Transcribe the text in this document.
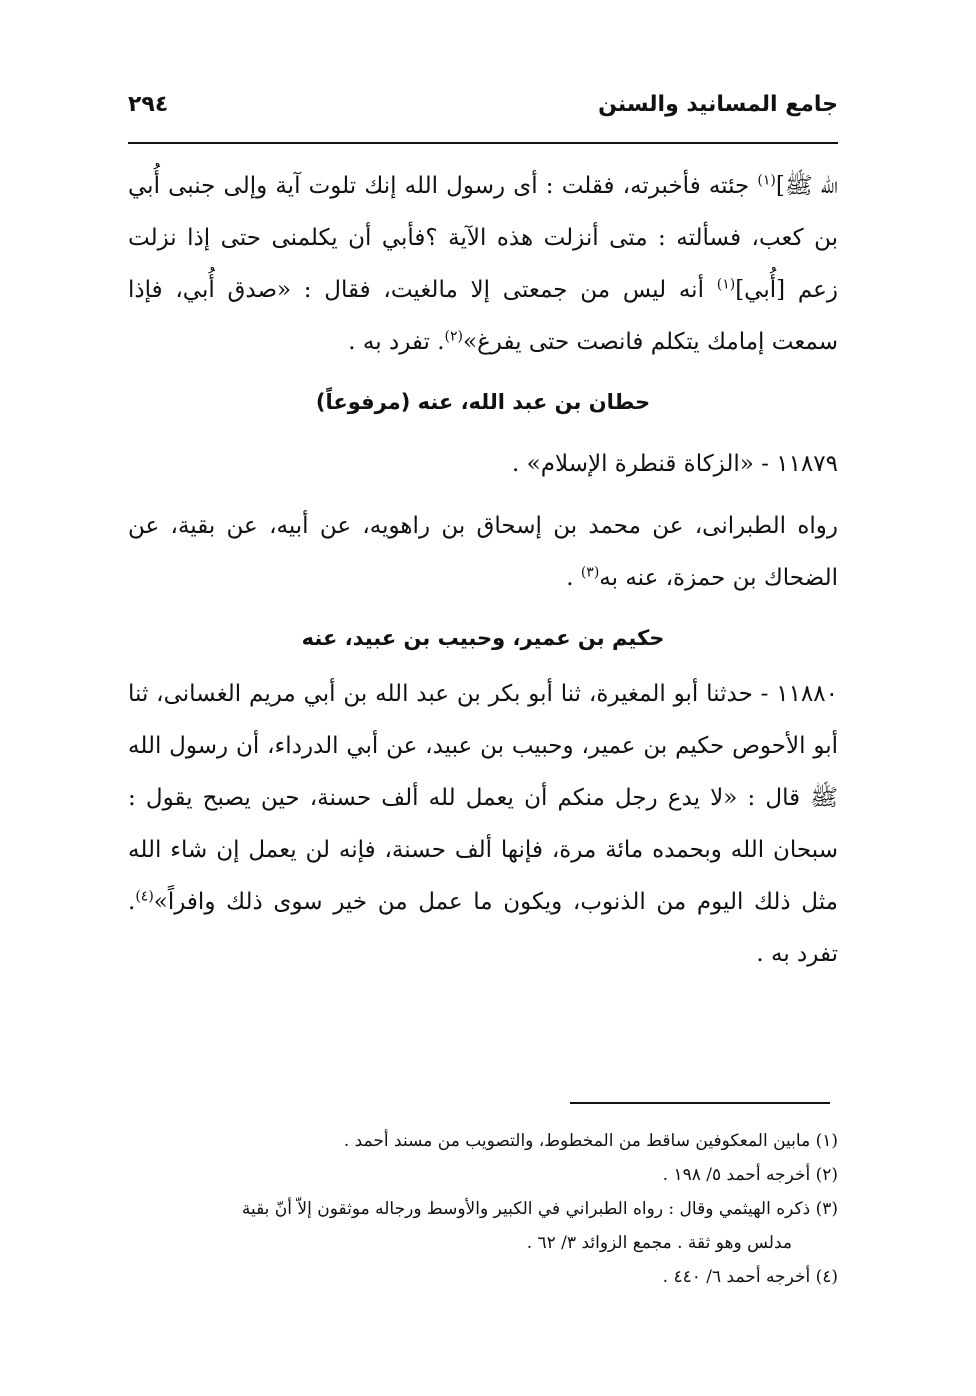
جامع المسانيد والسنن
٢٩٤

الله ﷺ]$^{(١)}$ جئته فأخبرته، فقلت : أى رسول الله إنك تلوت آية وإلى جنبى أُبي بن كعب، فسألته : متى أنزلت هذه الآية ؟فأبي أن يكلمنى حتى إذا نزلت زعم [أُبي]$^{(١)}$ أنه ليس من جمعتى إلا مالغيت، فقال : «صدق أُبي، فإذا سمعت إمامك يتكلم فانصت حتى يفرغ»$^{(٢)}$. تفرد به .

حطان بن عبد الله، عنه (مرفوعاً)

١١٨٧٩ - «الزكاة قنطرة الإسلام» .

رواه الطبرانى، عن محمد بن إسحاق بن راهويه، عن أبيه، عن بقية، عن الضحاك بن حمزة، عنه به$^{(٣)}$ .

حكيم بن عمير، وحبيب بن عبيد، عنه

١١٨٨٠ - حدثنا أبو المغيرة، ثنا أبو بكر بن عبد الله بن أبي مريم الغسانى، ثنا أبو الأحوص حكيم بن عمير، وحبيب بن عبيد، عن أبي الدرداء، أن رسول الله ﷺ قال : «لا يدع رجل منكم أن يعمل لله ألف حسنة، حين يصبح يقول : سبحان الله وبحمده مائة مرة، فإنها ألف حسنة، فإنه لن يعمل إن شاء الله مثل ذلك اليوم من الذنوب، ويكون ما عمل من خير سوى ذلك وافراً»$^{(٤)}$. تفرد به .

(١) مابين المعكوفين ساقط من المخطوط، والتصويب من مسند أحمد .

(٢) أخرجه أحمد ٥/ ١٩٨ .

(٣) ذكره الهيثمي وقال : رواه الطبراني في الكبير والأوسط ورجاله موثقون إلاّ أنّ بقية

مدلس وهو ثقة . مجمع الزوائد ٣/ ٦٢ .

(٤) أخرجه أحمد ٦/ ٤٤٠ .
